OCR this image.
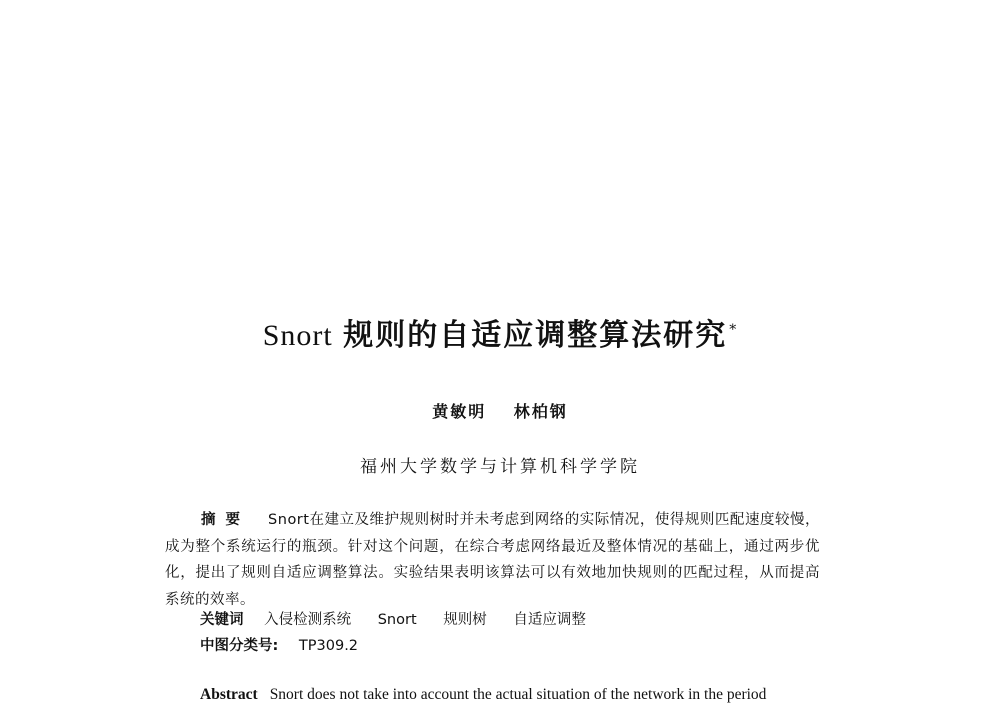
Snort 规则的自适应调整算法研究 *
黄敏明 林柏钢
福州大学数学与计算机科学学院
摘要 Snort在建立及维护规则树时并未考虑到网络的实际情况，使得规则匹配速度较慢，成为整个系统运行的瓶颈。针对这个问题，在综合考虑网络最近及整体情况的基础上，通过两步优化，提出了规则自适应调整算法。实验结果表明该算法可以有效地加快规则的匹配过程，从而提高系统的效率。
关键词 入侵检测系统 Snort 规则树 自适应调整
中图分类号: TP309.2
Abstract Snort does not take into account the actual situation of the network in the period
